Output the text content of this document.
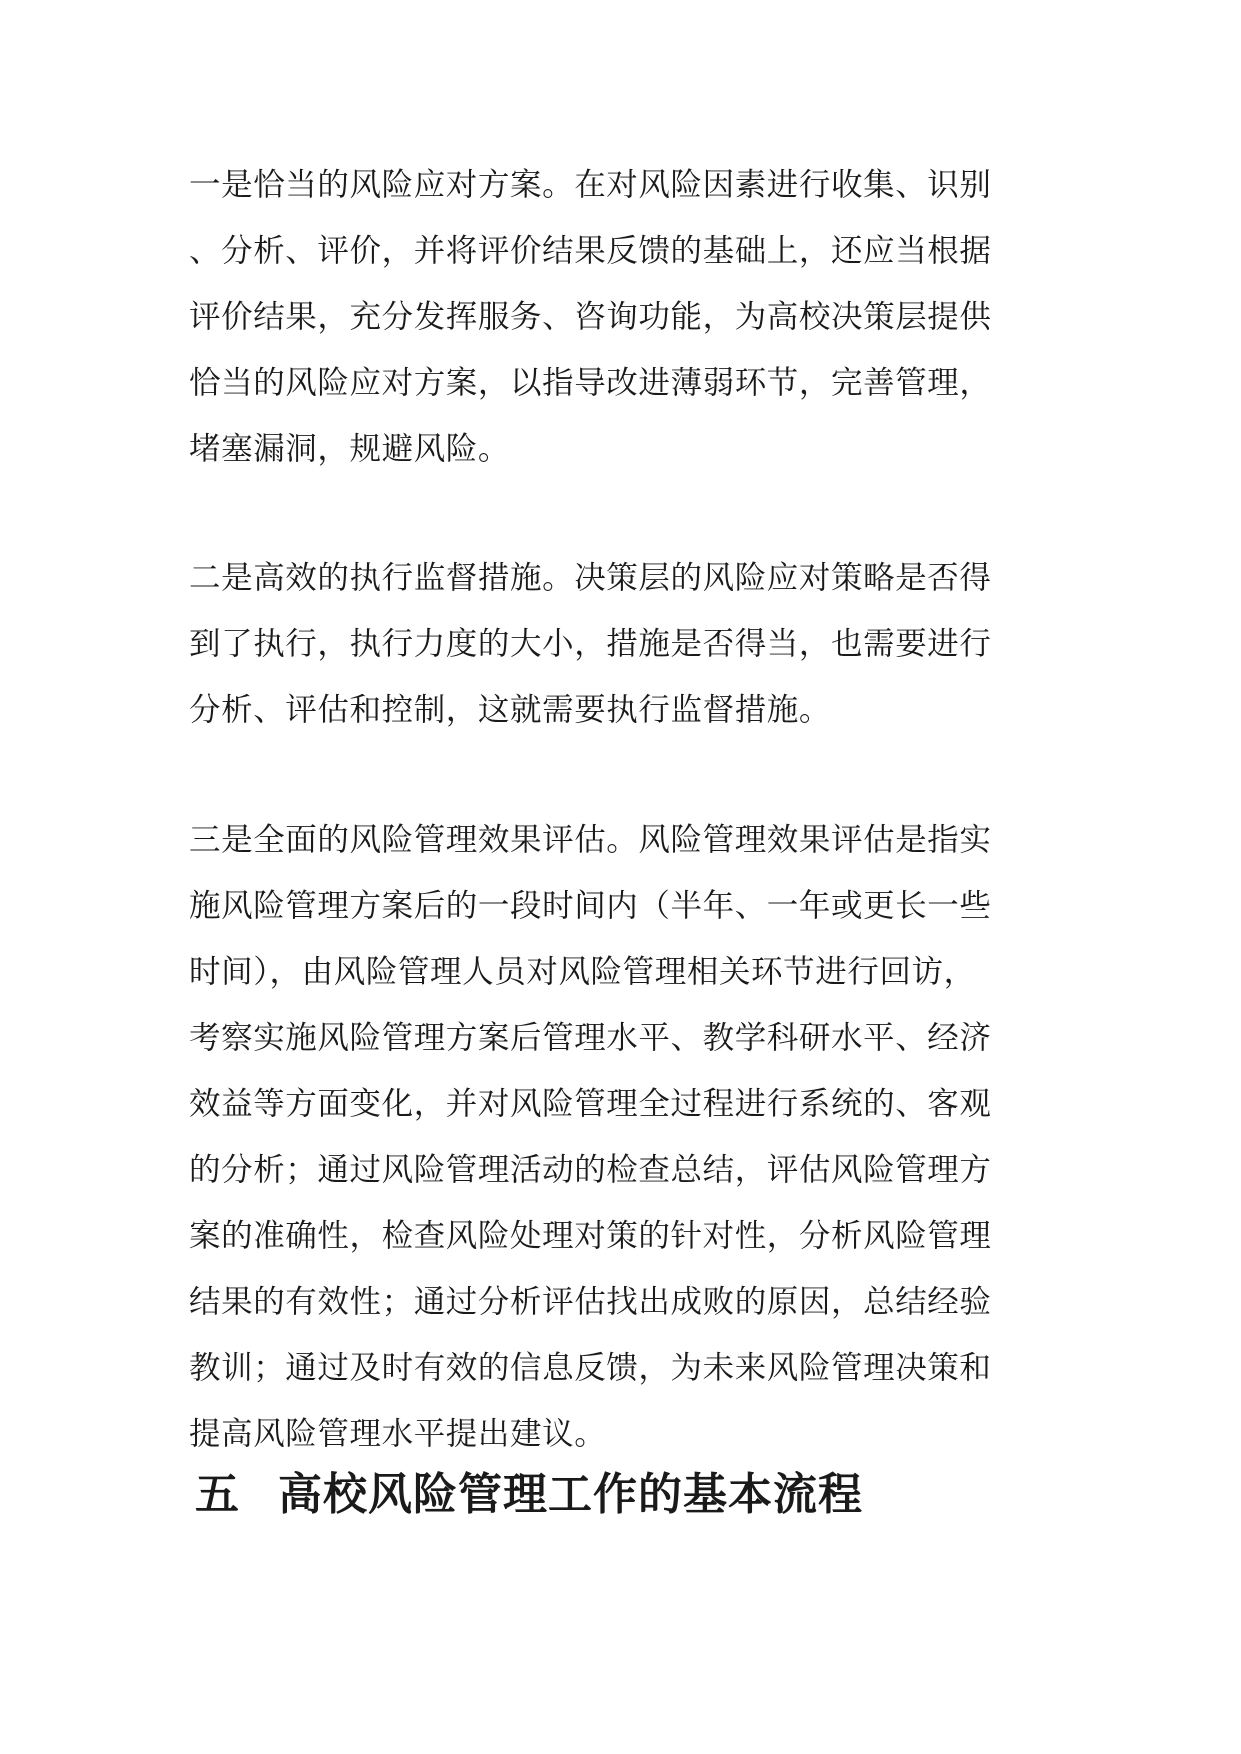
一是恰当的风险应对方案。在对风险因素进行收集、识别
、分析、评价，并将评价结果反馈的基础上，还应当根据
评价结果，充分发挥服务、咨询功能，为高校决策层提供
恰当的风险应对方案，以指导改进薄弱环节，完善管理，
堵塞漏洞，规避风险。
二是高效的执行监督措施。决策层的风险应对策略是否得
到了执行，执行力度的大小，措施是否得当，也需要进行
分析、评估和控制，这就需要执行监督措施。
三是全面的风险管理效果评估。风险管理效果评估是指实
施风险管理方案后的一段时间内（半年、一年或更长一些
时间），由风险管理人员对风险管理相关环节进行回访，
考察实施风险管理方案后管理水平、教学科研水平、经济
效益等方面变化，并对风险管理全过程进行系统的、客观
的分析；通过风险管理活动的检查总结，评估风险管理方
案的准确性，检查风险处理对策的针对性，分析风险管理
结果的有效性；通过分析评估找出成败的原因，总结经验
教训；通过及时有效的信息反馈，为未来风险管理决策和
提高风险管理水平提出建议。
五 高校风险管理工作的基本流程
